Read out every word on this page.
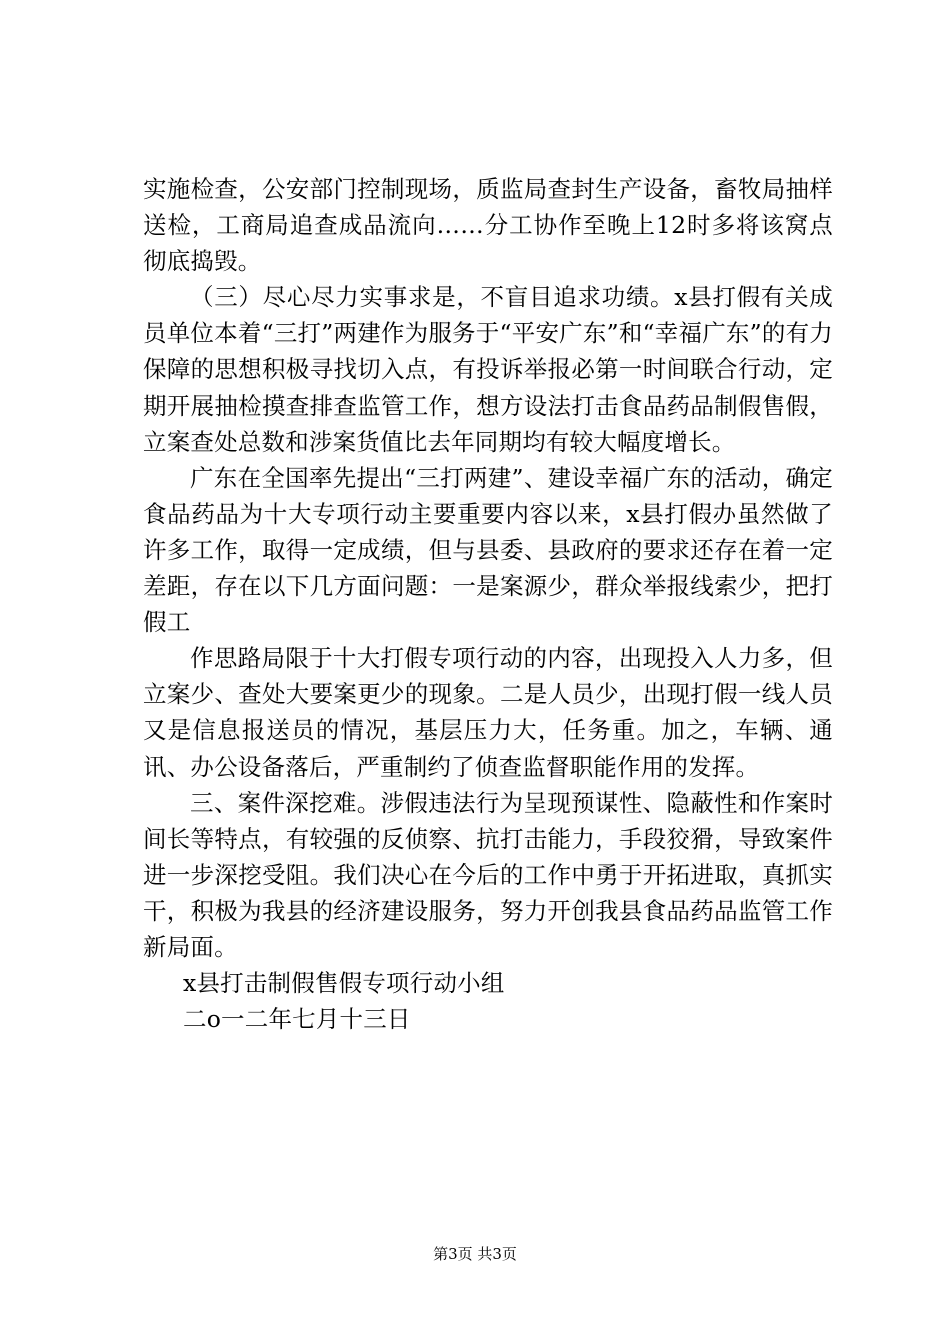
实施检查，公安部门控制现场，质监局查封生产设备，畜牧局抽样送检，工商局追查成品流向……分工协作至晚上12时多将该窝点彻底捣毁。

（三）尽心尽力实事求是，不盲目追求功绩。x县打假有关成员单位本着“三打”两建作为服务于“平安广东”和“幸福广东”的有力保障的思想积极寻找切入点，有投诉举报必第一时间联合行动，定期开展抽检摸查排查监管工作，想方设法打击食品药品制假售假，立案查处总数和涉案货值比去年同期均有较大幅度增长。

广东在全国率先提出“三打两建”、建设幸福广东的活动，确定食品药品为十大专项行动主要重要内容以来，x县打假办虽然做了许多工作，取得一定成绩，但与县委、县政府的要求还存在着一定差距，存在以下几方面问题：一是案源少，群众举报线索少，把打假工

作思路局限于十大打假专项行动的内容，出现投入人力多，但立案少、查处大要案更少的现象。二是人员少，出现打假一线人员又是信息报送员的情况，基层压力大，任务重。加之，车辆、通讯、办公设备落后，严重制约了侦查监督职能作用的发挥。

三、案件深挖难。涉假违法行为呈现预谋性、隐蔽性和作案时间长等特点，有较强的反侦察、抗打击能力，手段狡猾，导致案件进一步深挖受阻。我们决心在今后的工作中勇于开拓进取，真抓实干，积极为我县的经济建设服务，努力开创我县食品药品监管工作新局面。

x县打击制假售假专项行动小组

二o一二年七月十三日

第3页 共3页
